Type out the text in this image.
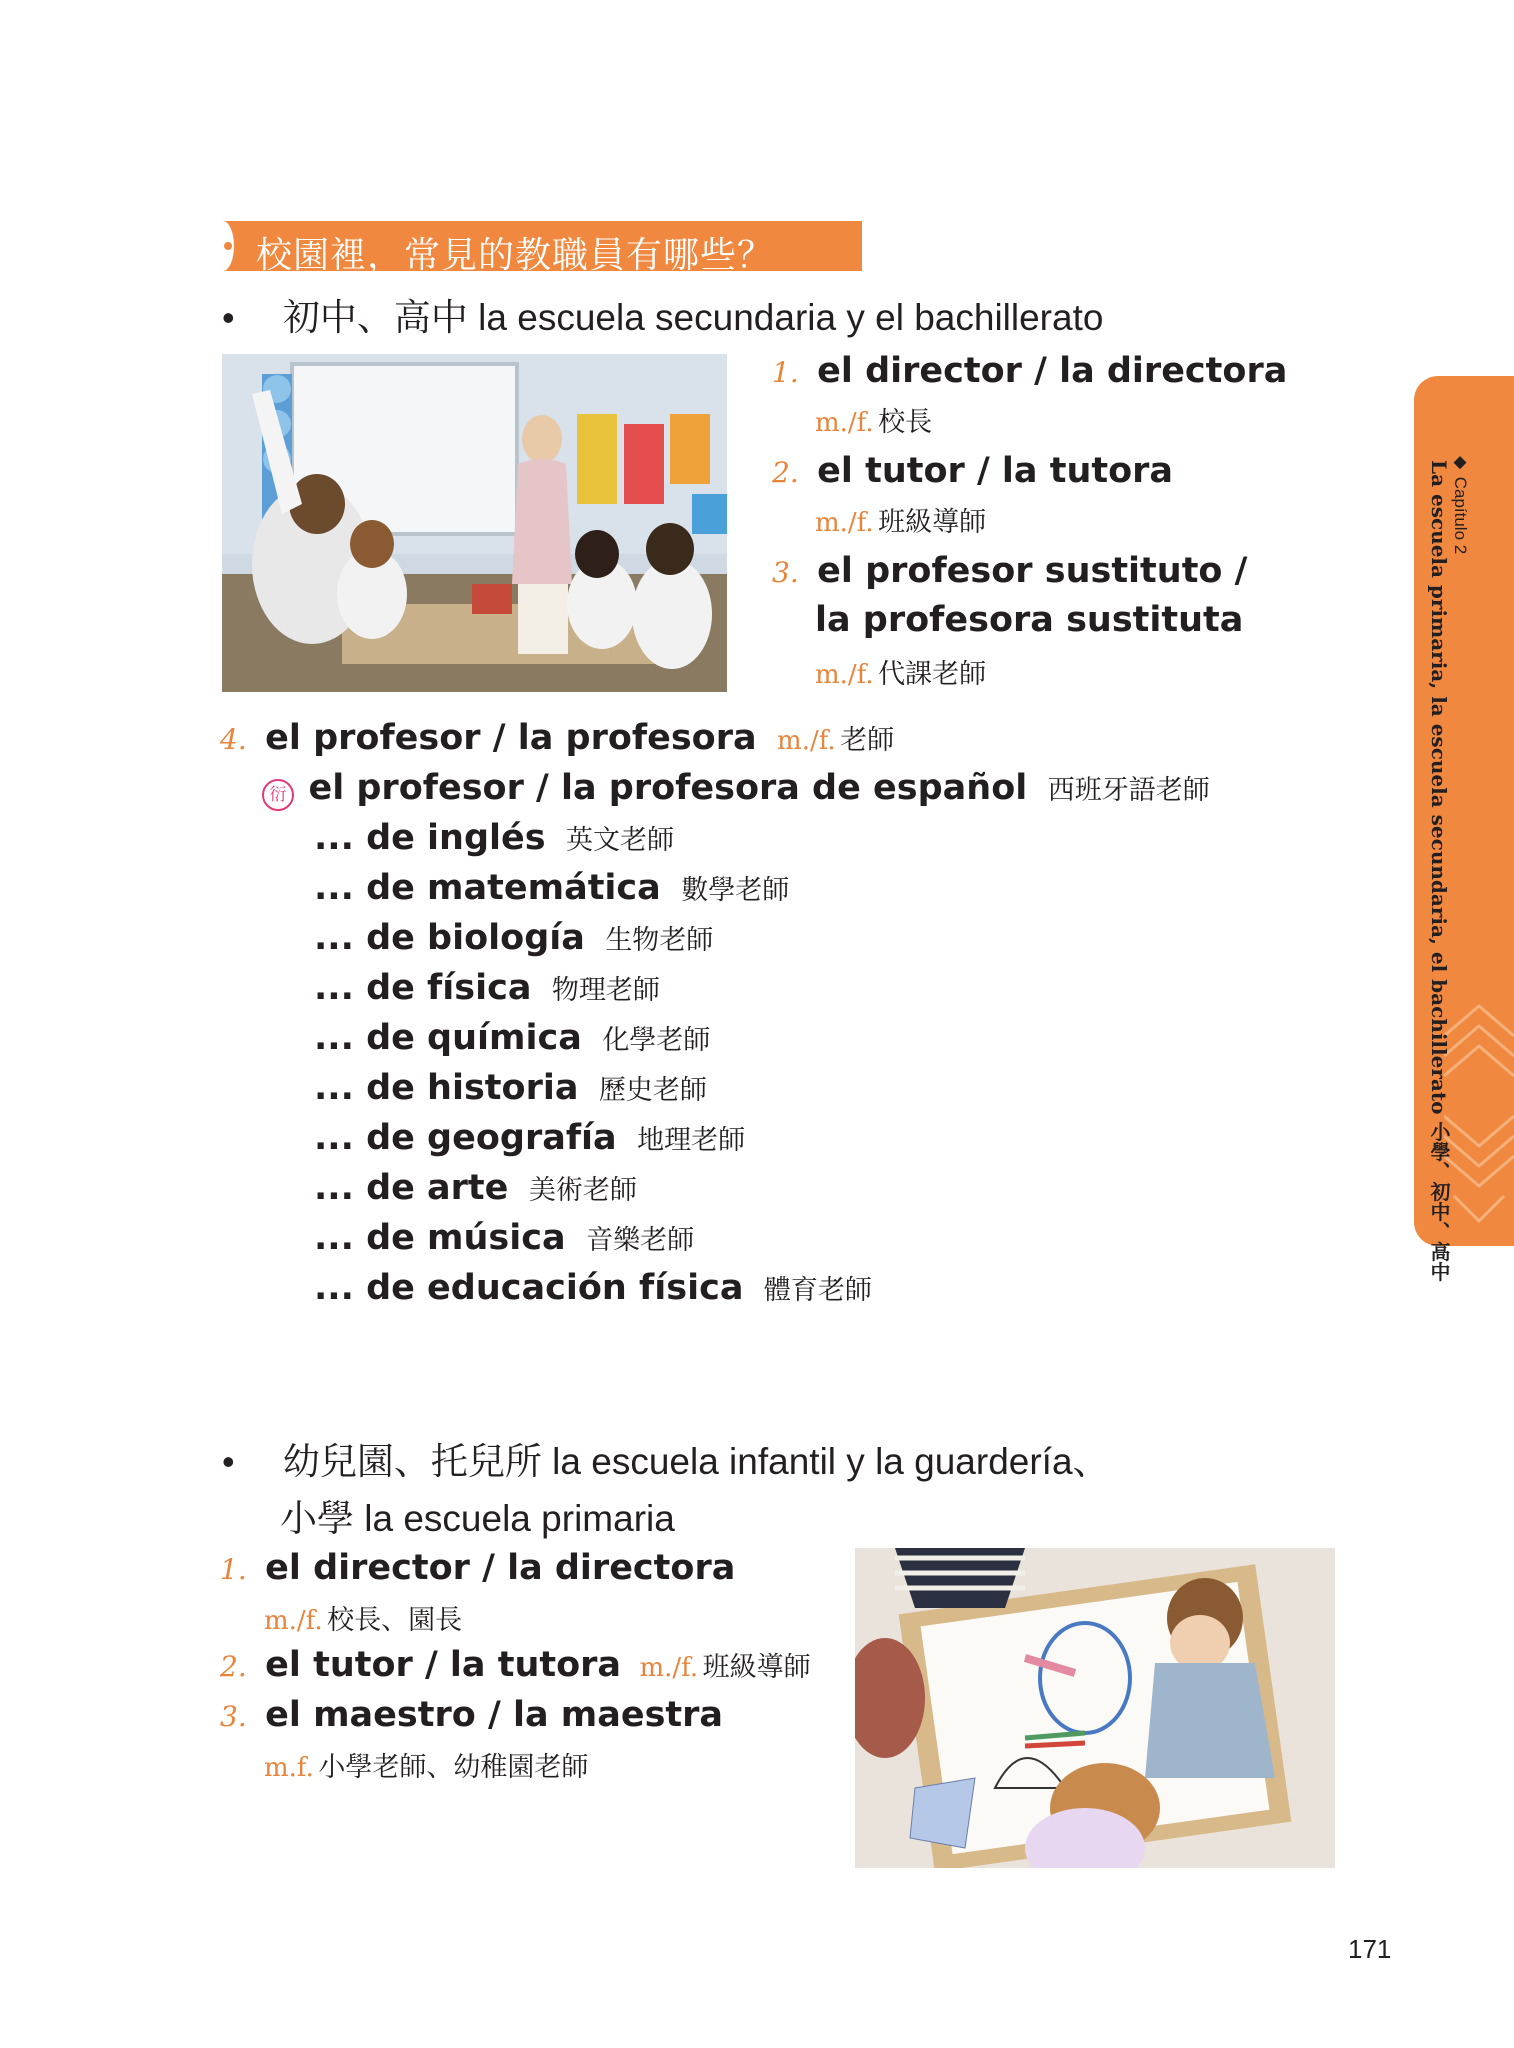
校園裡，常見的教職員有哪些？
• 初中、高中 la escuela secundaria y el bachillerato
1. el director / la directora
m./f. 校長
2. el tutor / la tutora
m./f. 班級導師
3. el profesor sustituto /
la profesora sustituta
m./f. 代課老師
4. el profesor / la profesora m./f. 老師
衍 el profesor / la profesora de español 西班牙語老師
... de inglés 英文老師
... de matemática 數學老師
... de biología 生物老師
... de física 物理老師
... de química 化學老師
... de historia 歷史老師
... de geografía 地理老師
... de arte 美術老師
... de música 音樂老師
... de educación física 體育老師
• 幼兒園、托兒所 la escuela infantil y la guardería、
小學 la escuela primaria
1. el director / la directora
m./f. 校長、園長
2. el tutor / la tutora m./f. 班級導師
3. el maestro / la maestra
m.f. 小學老師、幼稚園老師
◆ Capítulo 2
La escuela primaria, la escuela secundaria, el bachillerato 小學、初中、高中
171
